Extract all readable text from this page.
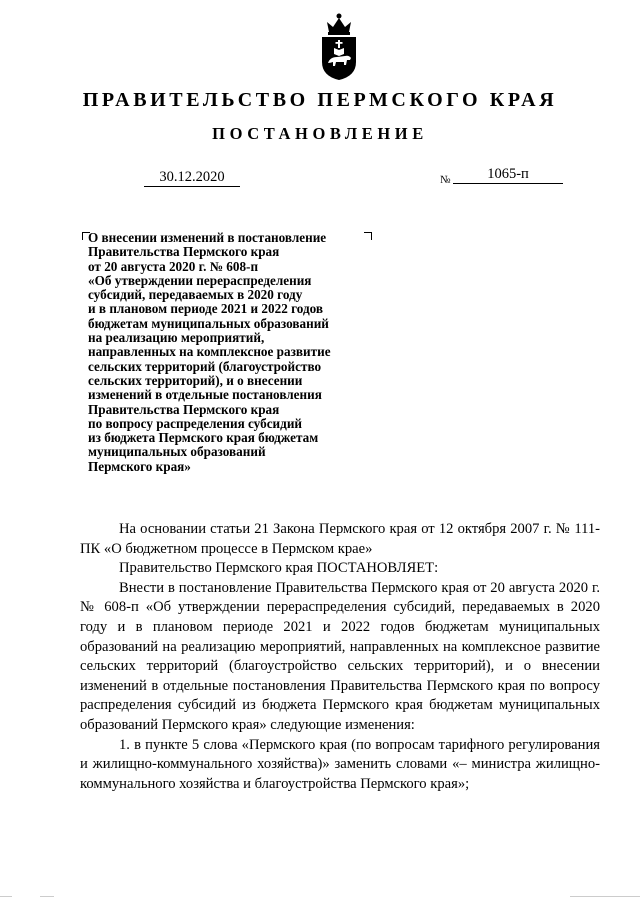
ПРАВИТЕЛЬСТВО ПЕРМСКОГО КРАЯ
ПОСТАНОВЛЕНИЕ
30.12.2020	№	1065-п
О внесении изменений в постановление
Правительства Пермского края
от 20 августа 2020 г. № 608-п
«Об утверждении перераспределения
субсидий, передаваемых в 2020 году
и в плановом периоде 2021 и 2022 годов
бюджетам муниципальных образований
на реализацию мероприятий,
направленных на комплексное развитие
сельских территорий (благоустройство
сельских территорий), и о внесении
изменений в отдельные постановления
Правительства Пермского края
по вопросу распределения субсидий
из бюджета Пермского края бюджетам
муниципальных образований
Пермского края»

На основании статьи 21 Закона Пермского края от 12 октября 2007 г. № 111-ПК «О бюджетном процессе в Пермском крае»

Правительство Пермского края ПОСТАНОВЛЯЕТ:

Внести в постановление Правительства Пермского края от 20 августа 2020 г. № 608-п «Об утверждении перераспределения субсидий, передаваемых в 2020 году и в плановом периоде 2021 и 2022 годов бюджетам муниципальных образований на реализацию мероприятий, направленных на комплексное развитие сельских территорий (благоустройство сельских территорий), и о внесении изменений в отдельные постановления Правительства Пермского края по вопросу распределения субсидий из бюджета Пермского края бюджетам муниципальных образований Пермского края» следующие изменения:

1. в пункте 5 слова «Пермского края (по вопросам тарифного регулирования и жилищно-коммунального хозяйства)» заменить словами «– министра жилищно-коммунального хозяйства и благоустройства Пермского края»;
